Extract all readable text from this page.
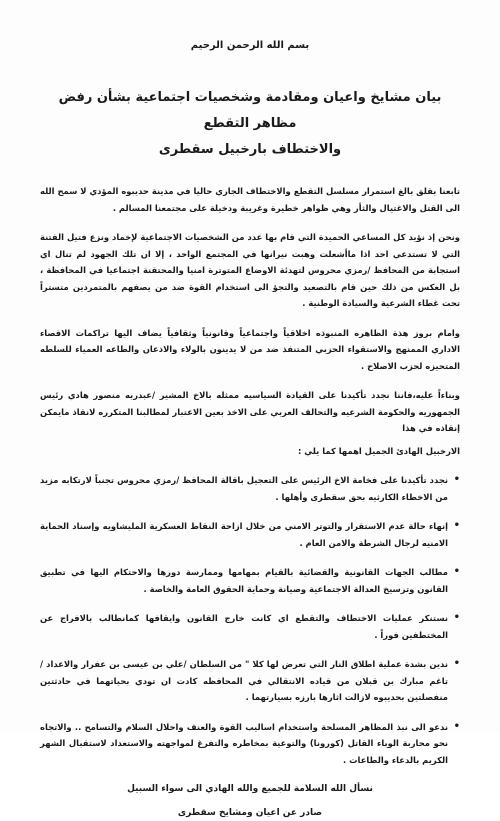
بسم الله الرحمن الرحيم
بيان مشايخ واعيان ومقادمة وشخصيات اجتماعية بشأن رفض مظاهر التقطع
والاختطاف بارخبيل سقطرى

تابعنا بقلق بالغ استمرار مسلسل التقطع والاختطاف الجاري حاليا في مدينة حديبوه المؤدي لا سمح الله الى القتل والاغتيال والثأر وهي ظواهر خطيرة وغريبة ودخيلة على مجتمعنا المسالم .

ونحن إذ نؤيد كل المساعي الحميدة التي قام بها عدد من الشخصيات الاجتماعية لإخماد ونزع فتيل الفتنة التي لا تستدعي احد اذا ماأشعلت وهبت نيرانها في المجتمع الواحد ، إلا ان تلك الجهود لم تنال اي استجابة من المحافظ /رمزي محروس لتهدئة الاوضاع المتوترة امنيا والمحتقنة اجتماعيا في المحافظة ، بل العكس من ذلك حين قام بالتصعيد والتجؤ الى استخدام القوة ضد من يصفهم بالمتمردين متستراً تحت غطاء الشرعية والسيادة الوطنية .

وامام بروز هذة الظاهره المنبوذه اخلاقياً واجتماعياً وقانونياً وثقافياً يضاف اليها تراكمات الاقصاء الاداري الممنهج والاستقواء الحزبي المتنفذ ضد من لا يدينون بالولاء والاذعان والطاعه العمياء للسلطه المتحيزه لحزب الاصلاح .

وبناءاً عليه،فاننا نجدد تأكيدنا على القيادة السياسيه ممثله بالاخ المشير /عبدربه منصور هادي رئيس الجمهوريه والحكومة الشرعيه والتحالف العربي على الاخذ بعين الاعتبار لمطالبنا المتكرره لانقاذ مايمكن إنقاذه في هذا

الارخبيل الهادئ الجميل اهمها كما يلي :

•
نجدد تأكيدنا على فخامة الاخ الرئيس على التعجيل باقالة المحافظ /رمزي محروس تجنباً لارتكابه مزيد من الاخطاء الكارثيه بحق سقطرى وأهلها .
•
إنهاء حالة عدم الاستقرار والتوتر الامني من خلال ازاحة النقاط العسكرية المليشاويه وإسناد الحماية الامنيه لرجال الشرطة والامن العام .
•
مطالب الجهات القانونية والقضائية بالقيام بمهامها وممارسة دورها والاحتكام اليها في تطبيق القانون وترسيخ العدالة الاجتماعية وصيانة وحماية الحقوق العامة والخاصة .
•
نستنكر عمليات الاختطاف والتقطع اي كانت خارج القانون وايقافها كمانطالب بالافراج عن المختطفين فوراً .
•
ندين بشدة عملية اطلاق النار التي تعرض لها كلا " من السلطان /علي بن عيسى بن عفرار والاعداد /تاغم مبارك بن قبلان من قياده الانتقالي في المحافظه كادت ان تودي بحياتهما في حادثتين منفصلتين بحديبوه لازالت اثارها بارزه بسيارتهما .
•
ندعو الى نبذ المظاهر المسلحة واستخدام اساليب القوة والعنف واحلال السلام والتسامح .. والاتجاه نحو محاربة الوباء القاتل (كورونا) والتوعية بمخاطره والتفرغ لمواجهته والاستعداد لاستقبال الشهر الكريم بالدعاء والطاعات .
نسأل الله السلامة للجميع والله الهادي الى سواء السبيل
صادر عن اعيان ومشايخ سقطرى
